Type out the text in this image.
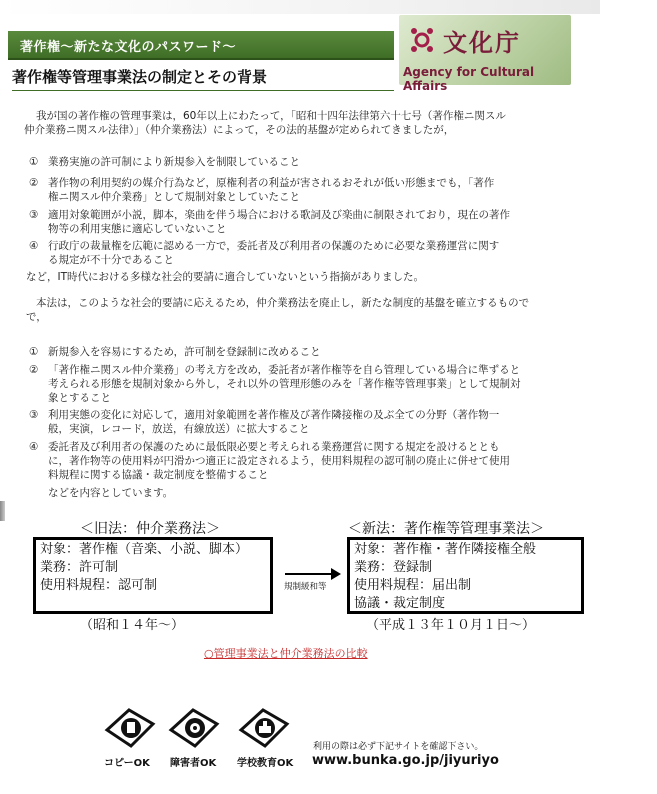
著作権～新たな文化のパスワード～	文化庁
Agency for Cultural Affairs
著作権等管理事業法の制定とその背景
我が国の著作権の管理事業は，60年以上にわたって，「昭和十四年法律第六十七号（著作権ニ関スル
仲介業務ニ関スル法律）」（仲介業務法）によって，その法的基盤が定められてきましたが，
① 業務実施の許可制により新規参入を制限していること
② 著作物の利用契約の媒介行為など，原権利者の利益が害されるおそれが低い形態までも，「著作
権ニ関スル仲介業務」として規制対象としていたこと
③ 適用対象範囲が小説，脚本，楽曲を伴う場合における歌詞及び楽曲に制限されており，現在の著作
物等の利用実態に適応していないこと
④ 行政庁の裁量権を広範に認める一方で，委託者及び利用者の保護のために必要な業務運営に関す
る規定が不十分であること
など，IT時代における多様な社会的要請に適合していないという指摘がありました。
本法は，このような社会的要請に応えるため，仲介業務法を廃止し，新たな制度的基盤を確立するもので
で，
① 新規参入を容易にするため，許可制を登録制に改めること
② 「著作権ニ関スル仲介業務」の考え方を改め，委託者が著作権等を自ら管理している場合に準ずると
考えられる形態を規制対象から外し，それ以外の管理形態のみを「著作権等管理事業」として規制対
象とすること
③ 利用実態の変化に対応して，適用対象範囲を著作権及び著作隣接権の及ぶ全ての分野（著作物一
般，実演，レコード，放送，有線放送）に拡大すること
④ 委託者及び利用者の保護のために最低限必要と考えられる業務運営に関する規定を設けるととも
に，著作物等の使用料が円滑かつ適正に設定されるよう，使用料規程の認可制の廃止に併せて使用
料規程に関する協議・裁定制度を整備すること
などを内容としています。
＜旧法：仲介業務法＞
対象：著作権（音楽、小説、脚本）
業務：許可制
使用料規程：認可制
（昭和１４年～）
規制緩和等
＜新法：著作権等管理事業法＞
対象：著作権・著作隣接権全般
業務：登録制
使用料規程：届出制
協議・裁定制度
（平成１３年１０月１日～）
○管理事業法と仲介業務法の比較
コピーOK 障害者OK 学校教育OK
利用の際は必ず下記サイトを確認下さい。
www.bunka.go.jp/jiyuriyo
